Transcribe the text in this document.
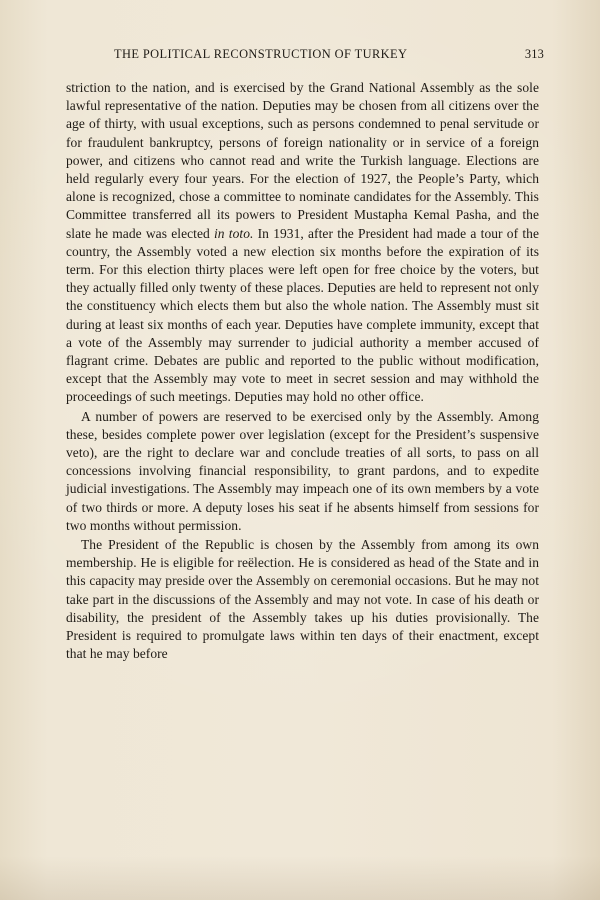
THE POLITICAL RECONSTRUCTION OF TURKEY	313

striction to the nation, and is exercised by the Grand National Assembly as the sole lawful representative of the nation. Deputies may be chosen from all citizens over the age of thirty, with usual exceptions, such as persons condemned to penal servitude or for fraudulent bankruptcy, persons of foreign nationality or in service of a foreign power, and citizens who cannot read and write the Turkish language. Elections are held regularly every four years. For the election of 1927, the People’s Party, which alone is recognized, chose a committee to nominate candidates for the Assembly. This Committee transferred all its powers to President Mustapha Kemal Pasha, and the slate he made was elected in toto. In 1931, after the President had made a tour of the country, the Assembly voted a new election six months before the expiration of its term. For this election thirty places were left open for free choice by the voters, but they actually filled only twenty of these places. Deputies are held to represent not only the constituency which elects them but also the whole nation. The Assembly must sit during at least six months of each year. Deputies have complete immunity, except that a vote of the Assembly may surrender to judicial authority a member accused of flagrant crime. Debates are public and reported to the public without modification, except that the Assembly may vote to meet in secret session and may withhold the proceedings of such meetings. Deputies may hold no other office.

A number of powers are reserved to be exercised only by the Assembly. Among these, besides complete power over legislation (except for the President’s suspensive veto), are the right to declare war and conclude treaties of all sorts, to pass on all concessions involving financial responsibility, to grant pardons, and to expedite judicial investigations. The Assembly may impeach one of its own members by a vote of two thirds or more. A deputy loses his seat if he absents himself from sessions for two months without permission.

The President of the Republic is chosen by the Assembly from among its own membership. He is eligible for reëlection. He is considered as head of the State and in this capacity may preside over the Assembly on ceremonial occasions. But he may not take part in the discussions of the Assembly and may not vote. In case of his death or disability, the president of the Assembly takes up his duties provisionally. The President is required to promulgate laws within ten days of their enactment, except that he may before
